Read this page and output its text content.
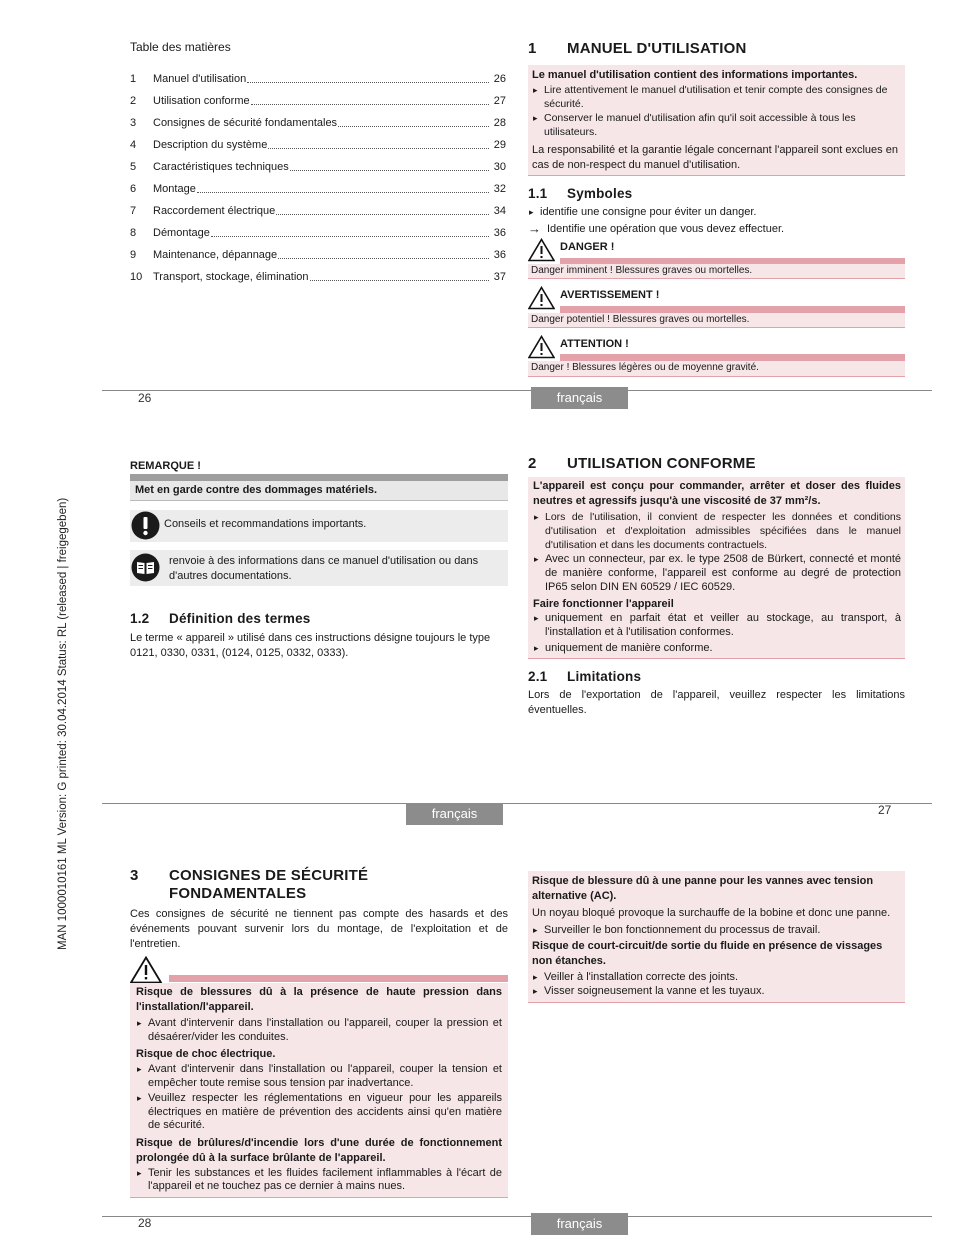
MAN 1000010161 ML Version: G printed: 30.04.2014 Status: RL (released | freigegeben)
Table des matières
1	Manuel d'utilisation	26
2	Utilisation conforme	27
3	Consignes de sécurité fondamentales	28
4	Description du système	29
5	Caractéristiques techniques	30
6	Montage	32
7	Raccordement électrique	34
8	Démontage	36
9	Maintenance, dépannage	36
10 Transport, stockage, élimination	37
1	MANUEL D'UTILISATION
Le manuel d'utilisation contient des informations importantes.
▸ Lire attentivement le manuel d'utilisation et tenir compte des consignes de sécurité.
▸ Conserver le manuel d'utilisation afin qu'il soit accessible à tous les utilisateurs.
La responsabilité et la garantie légale concernant l'appareil sont exclues en cas de non-respect du manuel d'utilisation.
1.1	Symboles
▸ identifie une consigne pour éviter un danger.
→ Identifie une opération que vous devez effectuer.
DANGER !
Danger imminent ! Blessures graves ou mortelles.
AVERTISSEMENT !
Danger potentiel ! Blessures graves ou mortelles.
ATTENTION !
Danger ! Blessures légères ou de moyenne gravité.
26	français
REMARQUE !
Met en garde contre des dommages matériels.
Conseils et recommandations importants.
renvoie à des informations dans ce manuel d'utilisation ou dans d'autres documentations.
1.2	Définition des termes
Le terme « appareil » utilisé dans ces instructions désigne toujours le type 0121, 0330, 0331, (0124, 0125, 0332, 0333).
2	UTILISATION CONFORME
L'appareil est conçu pour commander, arrêter et doser des fluides neutres et agressifs jusqu'à une viscosité de 37 mm²/s.
▸ Lors de l'utilisation, il convient de respecter les données et conditions d'utilisation et d'exploitation admissibles spécifiées dans le manuel d'utilisation et dans les documents contractuels.
▸ Avec un connecteur, par ex. le type 2508 de Bürkert, connecté et monté de manière conforme, l'appareil est conforme au degré de protection IP65 selon DIN EN 60529 / IEC 60529.
Faire fonctionner l'appareil
▸ uniquement en parfait état et veiller au stockage, au transport, à l'installation et à l'utilisation conformes.
▸ uniquement de manière conforme.
2.1	Limitations
Lors de l'exportation de l'appareil, veuillez respecter les limitations éventuelles.
français	27
3	CONSIGNES DE SÉCURITÉ
FONDAMENTALES
Ces consignes de sécurité ne tiennent pas compte des hasards et des événements pouvant survenir lors du montage, de l'exploitation et de l'entretien.
Risque de blessures dû à la présence de haute pression dans l'installation/l'appareil.
▸ Avant d'intervenir dans l'installation ou l'appareil, couper la pression et désaérer/vider les conduites.
Risque de choc électrique.
▸ Avant d'intervenir dans l'installation ou l'appareil, couper la tension et empêcher toute remise sous tension par inadvertance.
▸ Veuillez respecter les réglementations en vigueur pour les appareils électriques en matière de prévention des accidents ainsi qu'en matière de sécurité.
Risque de brûlures/d'incendie lors d'une durée de fonctionnement prolongée dû à la surface brûlante de l'appareil.
▸ Tenir les substances et les fluides facilement inflammables à l'écart de l'appareil et ne touchez pas ce dernier à mains nues.
Risque de blessure dû à une panne pour les vannes avec tension alternative (AC).
Un noyau bloqué provoque la surchauffe de la bobine et donc une panne.
▸ Surveiller le bon fonctionnement du processus de travail.
Risque de court-circuit/de sortie du fluide en présence de vissages non étanches.
▸ Veiller à l'installation correcte des joints.
▸ Visser soigneusement la vanne et les tuyaux.
28	français
